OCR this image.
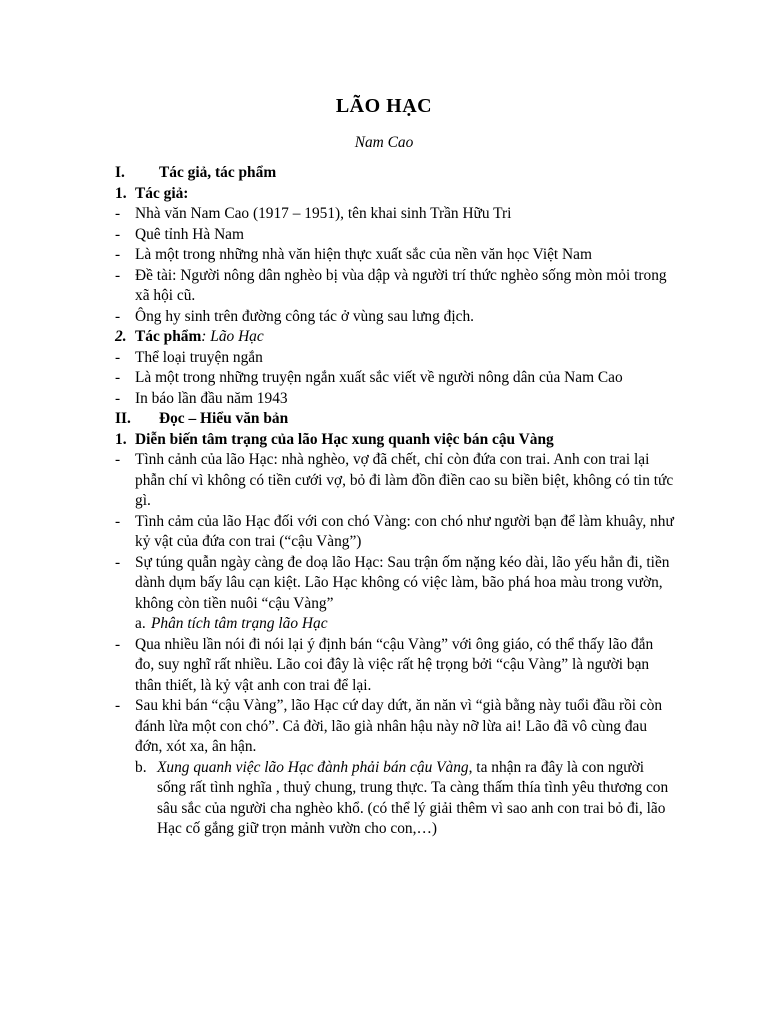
LÃO HẠC
Nam Cao
I. Tác giả, tác phẩm
1. Tác giả:
- Nhà văn Nam Cao (1917 – 1951), tên khai sinh Trần Hữu Tri
- Quê tỉnh Hà Nam
- Là một trong những nhà văn hiện thực xuất sắc của nền văn học Việt Nam
- Đề tài: Người nông dân nghèo bị vùa dập và người trí thức nghèo sống mòn mỏi trong xã hội cũ.
- Ông hy sinh trên đường công tác ở vùng sau lưng địch.
2. Tác phẩm: Lão Hạc
- Thể loại truyện ngắn
- Là một trong những truyện ngắn xuất sắc viết về người nông dân của Nam Cao
- In báo lần đầu năm 1943
II. Đọc – Hiểu văn bản
1. Diễn biến tâm trạng của lão Hạc xung quanh việc bán cậu Vàng
- Tình cảnh của lão Hạc: nhà nghèo, vợ đã chết, chỉ còn đứa con trai. Anh con trai lại phẫn chí vì không có tiền cưới vợ, bỏ đi làm đồn điền cao su biền biệt, không có tin tức gì.
- Tình cảm của lão Hạc đối với con chó Vàng: con chó như người bạn để làm khuây, như kỷ vật của đứa con trai (“cậu Vàng”)
- Sự túng quẫn ngày càng đe doạ lão Hạc: Sau trận ốm nặng kéo dài, lão yếu hẳn đi, tiền dành dụm bấy lâu cạn kiệt. Lão Hạc không có việc làm, bão phá hoa màu trong vườn, không còn tiền nuôi “cậu Vàng”
a. Phân tích tâm trạng lão Hạc
- Qua nhiều lần nói đi nói lại ý định bán “cậu Vàng” với ông giáo, có thể thấy lão đắn đo, suy nghĩ rất nhiều. Lão coi đây là việc rất hệ trọng bởi “cậu Vàng” là người bạn thân thiết, là kỷ vật anh con trai để lại.
- Sau khi bán “cậu Vàng”, lão Hạc cứ day dứt, ăn năn vì “già bằng này tuổi đầu rồi còn đánh lừa một con chó”. Cả đời, lão già nhân hậu này nỡ lừa ai! Lão đã vô cùng đau đớn, xót xa, ân hận.
b. Xung quanh việc lão Hạc đành phải bán cậu Vàng, ta nhận ra đây là con người sống rất tình nghĩa , thuỷ chung, trung thực. Ta càng thấm thía tình yêu thương con sâu sắc của người cha nghèo khổ. (có thể lý giải thêm vì sao anh con trai bỏ đi, lão Hạc cố gắng giữ trọn mảnh vườn cho con,…)
